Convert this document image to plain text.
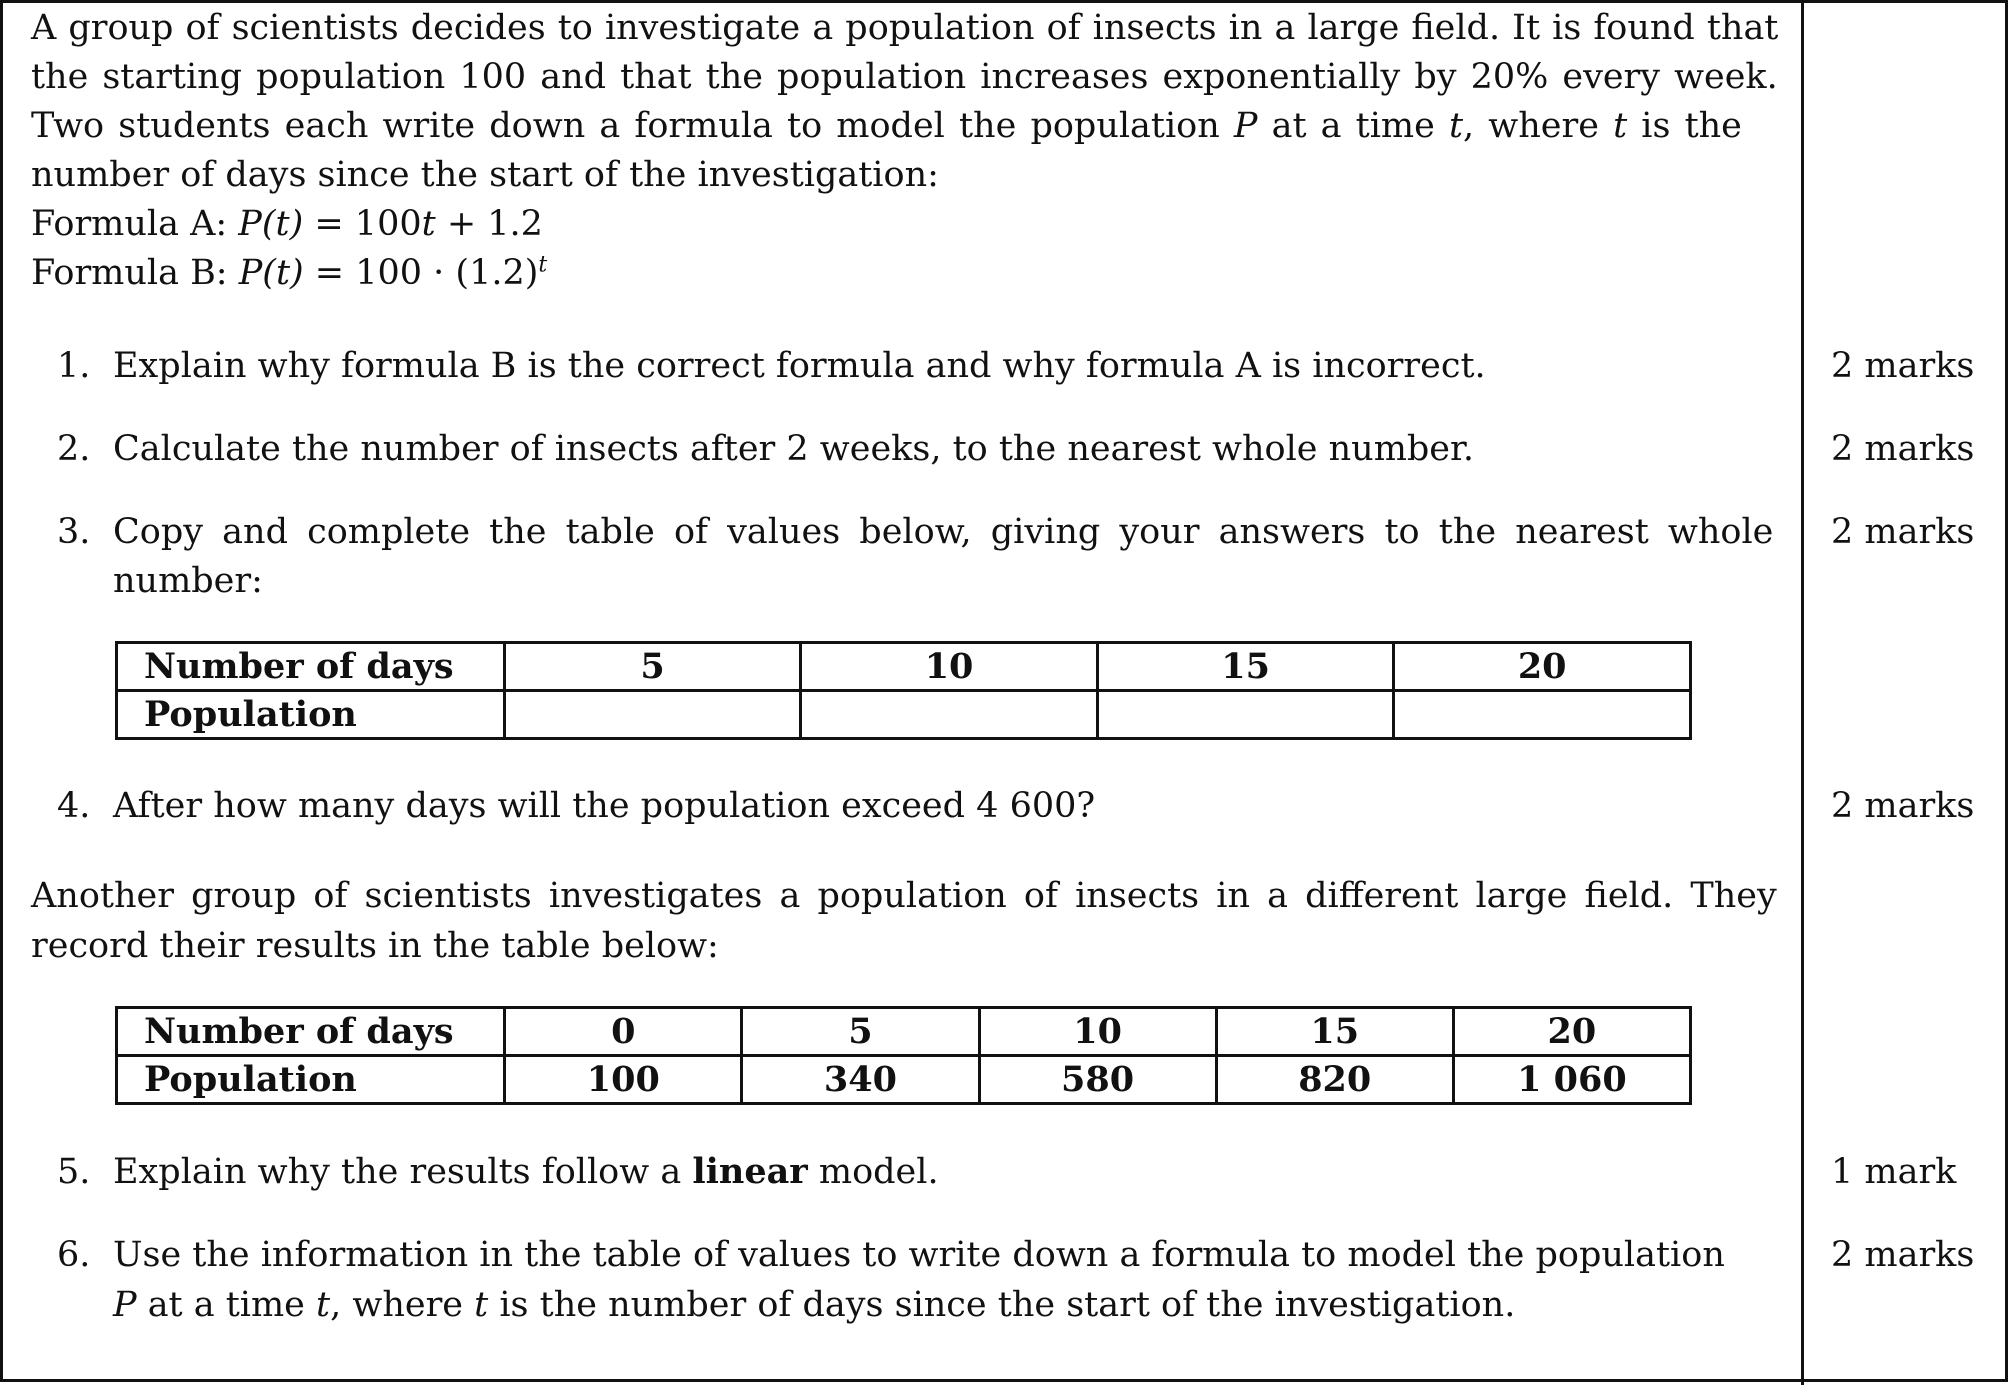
A group of scientists decides to investigate a population of insects in a large field. It is found that

the starting population 100 and that the population increases exponentially by 20% every week.

Two students each write down a formula to model the population P at a time t, where t is the

number of days since the start of the investigation:

Formula A: P(t) = 100t + 1.2

Formula B: $P(t) = 100 \cdot (1.2)^t$

1. Explain why formula B is the correct formula and why formula A is incorrect.	2 marks

2. Calculate the number of insects after 2 weeks, to the nearest whole number.	2 marks

3. Copy and complete the table of values below, giving your answers to the nearest whole

number:

2 marks

Number of days	5	10	15	20
Population				

4. After how many days will the population exceed 4 600?	2 marks

Another group of scientists investigates a population of insects in a different large field. They

record their results in the table below:

Number of days	0	5	10	15	20
Population	100	340	580	820	1 060

5. Explain why the results follow a linear model.	1 mark

6. Use the information in the table of values to write down a formula to model the population

P at a time t, where t is the number of days since the start of the investigation.

2 marks
